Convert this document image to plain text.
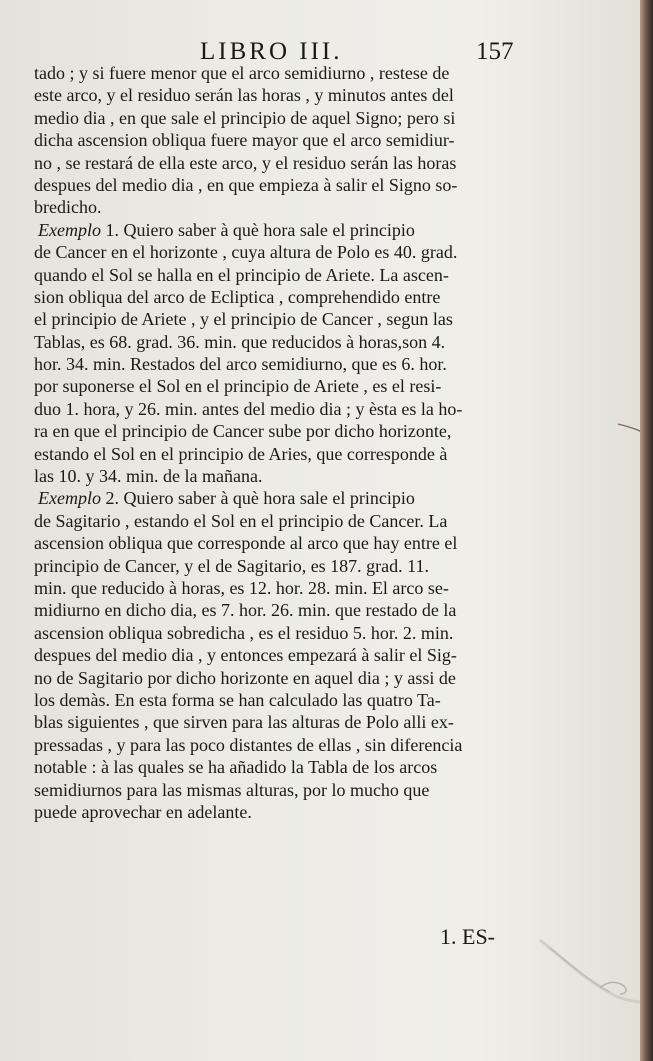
LIBRO III.	157
tado ; y si fuere menor que el arco semidiurno , restese de
este arco, y el residuo serán las horas , y minutos antes del
medio dia , en que sale el principio de aquel Signo; pero si
dicha ascension obliqua fuere mayor que el arco semidiur-
no , se restará de ella este arco, y el residuo serán las horas
despues del medio dia , en que empieza à salir el Signo so-
bredicho.
Exemplo 1. Quiero saber à què hora sale el principio
de Cancer en el horizonte , cuya altura de Polo es 40. grad.
quando el Sol se halla en el principio de Ariete. La ascen-
sion obliqua del arco de Ecliptica , comprehendido entre
el principio de Ariete , y el principio de Cancer , segun las
Tablas, es 68. grad. 36. min. que reducidos à horas,son 4.
hor. 34. min. Restados del arco semidiurno, que es 6. hor.
por suponerse el Sol en el principio de Ariete , es el resi-
duo 1. hora, y 26. min. antes del medio dia ; y èsta es la ho-
ra en que el principio de Cancer sube por dicho horizonte,
estando el Sol en el principio de Aries, que corresponde à
las 10. y 34. min. de la mañana.
Exemplo 2. Quiero saber à què hora sale el principio
de Sagitario , estando el Sol en el principio de Cancer. La
ascension obliqua que corresponde al arco que hay entre el
principio de Cancer, y el de Sagitario, es 187. grad. 11.
min. que reducido à horas, es 12. hor. 28. min. El arco se-
midiurno en dicho dia, es 7. hor. 26. min. que restado de la
ascension obliqua sobredicha , es el residuo 5. hor. 2. min.
despues del medio dia , y entonces empezará à salir el Sig-
no de Sagitario por dicho horizonte en aquel dia ; y assi de
los demàs. En esta forma se han calculado las quatro Ta-
blas siguientes , que sirven para las alturas de Polo alli ex-
pressadas , y para las poco distantes de ellas , sin diferencia
notable : à las quales se ha añadido la Tabla de los arcos
semidiurnos para las mismas alturas, por lo mucho que
puede aprovechar en adelante.
1. ES-
